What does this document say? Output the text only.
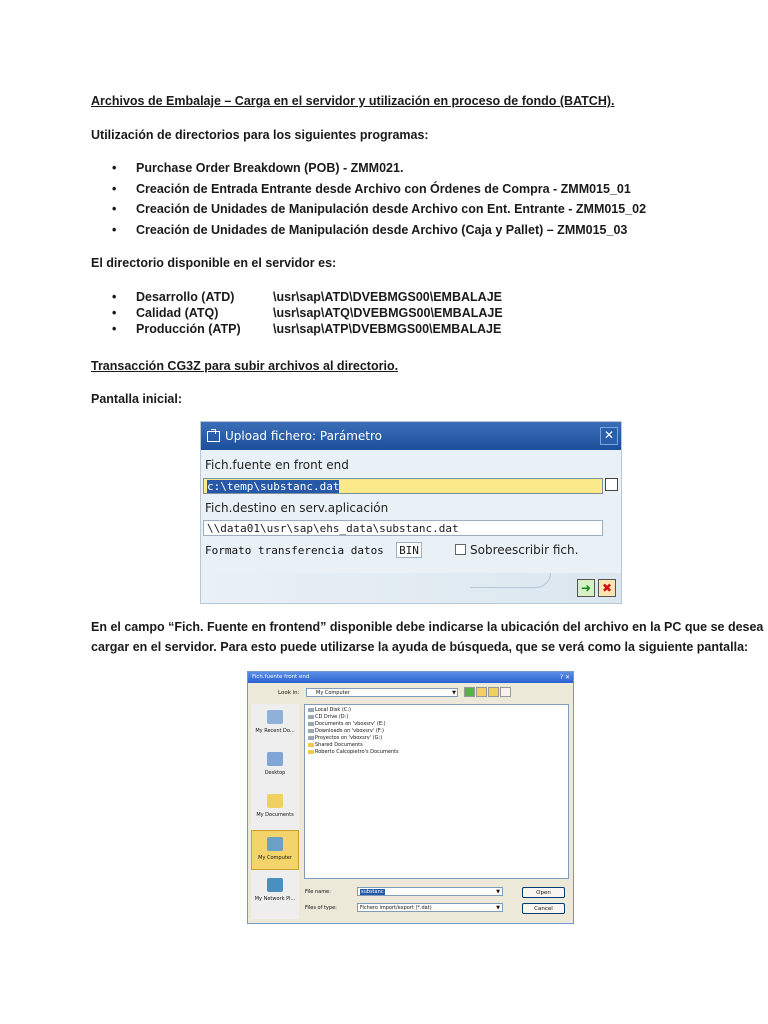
Archivos de Embalaje – Carga en el servidor y utilización en proceso de fondo (BATCH).
Utilización de directorios para los siguientes programas:
• Purchase Order Breakdown (POB) - ZMM021.
• Creación de Entrada Entrante desde Archivo con Órdenes de Compra - ZMM015_01
• Creación de Unidades de Manipulación desde Archivo con Ent. Entrante - ZMM015_02
• Creación de Unidades de Manipulación desde Archivo (Caja y Pallet) – ZMM015_03
El directorio disponible en el servidor es:
• Desarrollo (ATD)	\usr\sap\ATD\DVEBMGS00\EMBALAJE
• Calidad (ATQ)	\usr\sap\ATQ\DVEBMGS00\EMBALAJE
• Producción (ATP)	\usr\sap\ATP\DVEBMGS00\EMBALAJE
Transacción CG3Z para subir archivos al directorio.
Pantalla inicial:
En el campo “Fich. Fuente en frontend” disponible debe indicarse la ubicación del archivo en la PC que se desea
cargar en el servidor. Para esto puede utilizarse la ayuda de búsqueda, que se verá como la siguiente pantalla:
Upload fichero: Parámetro	✕
Fich.fuente en front end
c:\temp\substanc.dat
Fich.destino en serv.aplicación
\\data01\usr\sap\ehs_data\substanc.dat
Formato transferencia datos BIN	Sobreescribir fich.
➜ ✖
Fich.fuente front end	? ✕
Look in:	My Computer	▼
My Recent Do...
Desktop
My Documents
My Computer
My Network Pl...
Local Disk (C:)
CD Drive (D:)
Documents on 'vboxsrv' (E:)
Downloads on 'vboxsrv' (F:)
Proyectos on 'vboxsrv' (G:)
Shared Documents
Roberto Calcopietro's Documents
File name:	substanc	▼
Files of type:	Fichero import/export (*.dat)	▼
Open
Cancel
